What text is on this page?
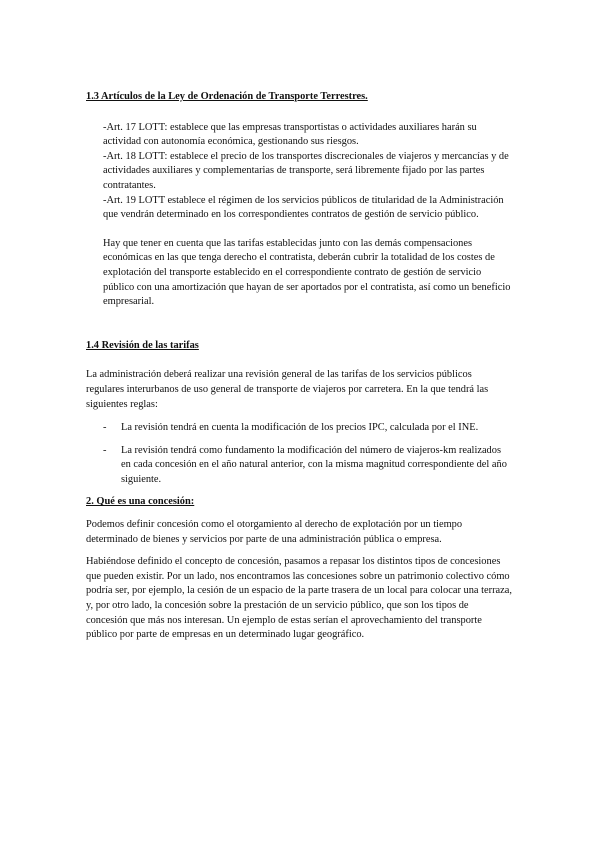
1.3 Artículos de la Ley de Ordenación de Transporte Terrestres.

-Art. 17 LOTT: establece que las empresas transportistas o actividades auxiliares harán su actividad con autonomía económica, gestionando sus riesgos.

-Art. 18 LOTT: establece el precio de los transportes discrecionales de viajeros y mercancías y de actividades auxiliares y complementarias de transporte, será libremente fijado por las partes contratantes.

-Art. 19 LOTT establece el régimen de los servicios públicos de titularidad de la Administración que vendrán determinado en los correspondientes contratos de gestión de servicio público.

Hay que tener en cuenta que las tarifas establecidas junto con las demás compensaciones económicas en las que tenga derecho el contratista, deberán cubrir la totalidad de los costes de explotación del transporte establecido en el correspondiente contrato de gestión de servicio público con una amortización que hayan de ser aportados por el contratista, así como un beneficio empresarial.

1.4 Revisión de las tarifas

La administración deberá realizar una revisión general de las tarifas de los servicios públicos regulares interurbanos de uso general de transporte de viajeros por carretera. En la que tendrá las siguientes reglas:

- La revisión tendrá en cuenta la modificación de los precios IPC, calculada por el INE.
- La revisión tendrá como fundamento la modificación del número de viajeros-km realizados en cada concesión en el año natural anterior, con la misma magnitud correspondiente del año siguiente.

2. Qué es una concesión:

Podemos definir concesión como el otorgamiento al derecho de explotación por un tiempo determinado de bienes y servicios por parte de una administración pública o empresa.

Habiéndose definido el concepto de concesión, pasamos a repasar los distintos tipos de concesiones que pueden existir. Por un lado, nos encontramos las concesiones sobre un patrimonio colectivo cómo podría ser, por ejemplo, la cesión de un espacio de la parte trasera de un local para colocar una terraza, y, por otro lado, la concesión sobre la prestación de un servicio público, que son los tipos de concesión que más nos interesan. Un ejemplo de estas serían el aprovechamiento del transporte público por parte de empresas en un determinado lugar geográfico.
